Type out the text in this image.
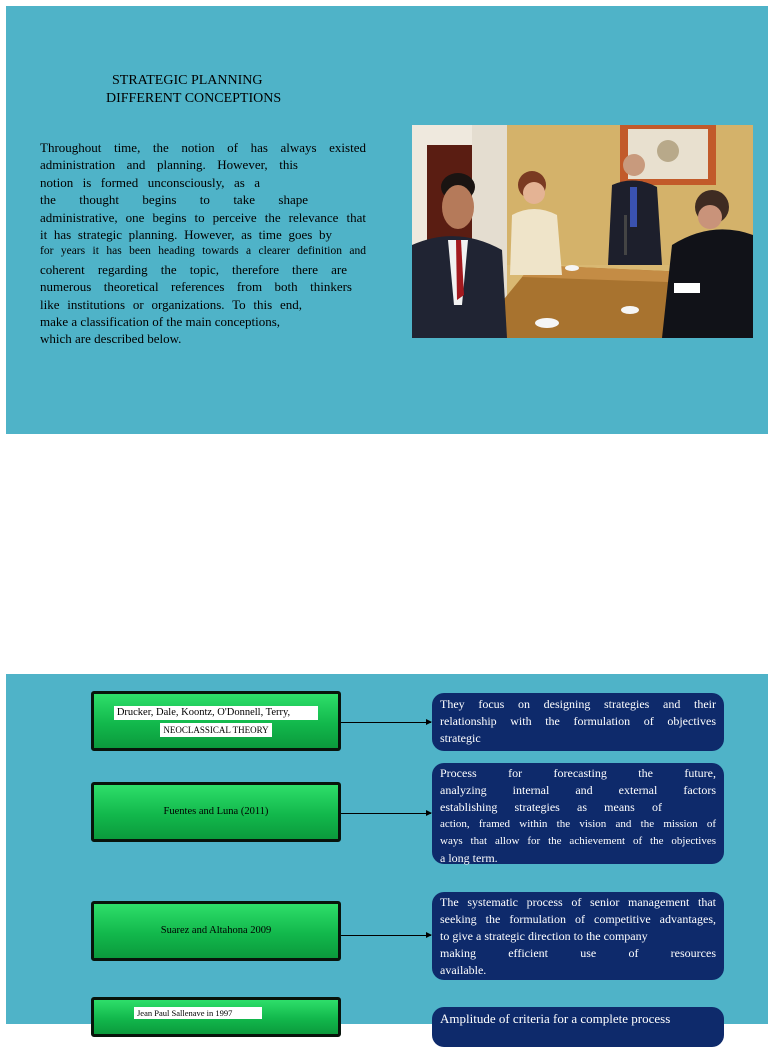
STRATEGIC PLANNING
DIFFERENT CONCEPTIONS
Throughout time, the notion of has always existed
administration and planning. However, this
notion is formed unconsciously, as a
the thought begins to take shape
administrative, one begins to perceive the relevance that
it has strategic planning. However, as time goes by
for years it has been heading towards a clearer definition and
coherent regarding the topic, therefore there are
numerous theoretical references from both thinkers
like institutions or organizations. To this end,
make a classification of the main conceptions,
which are described below.
Drucker, Dale, Koontz, O'Donnell, Terry,
NEOCLASSICAL THEORY
They focus on designing strategies and their
relationship with the formulation of objectives
strategic
Fuentes and Luna (2011)
Process for forecasting the future,
analyzing internal and external factors
establishing strategies as means of
action, framed within the vision and the mission of
ways that allow for the achievement of the objectives
a long term.
Suarez and Altahona 2009
The systematic process of senior management that
seeking the formulation of competitive advantages,
to give a strategic direction to the company
making efficient use of resources
available.
Jean Paul Sallenave in 1997	Amplitude of criteria for a complete process
